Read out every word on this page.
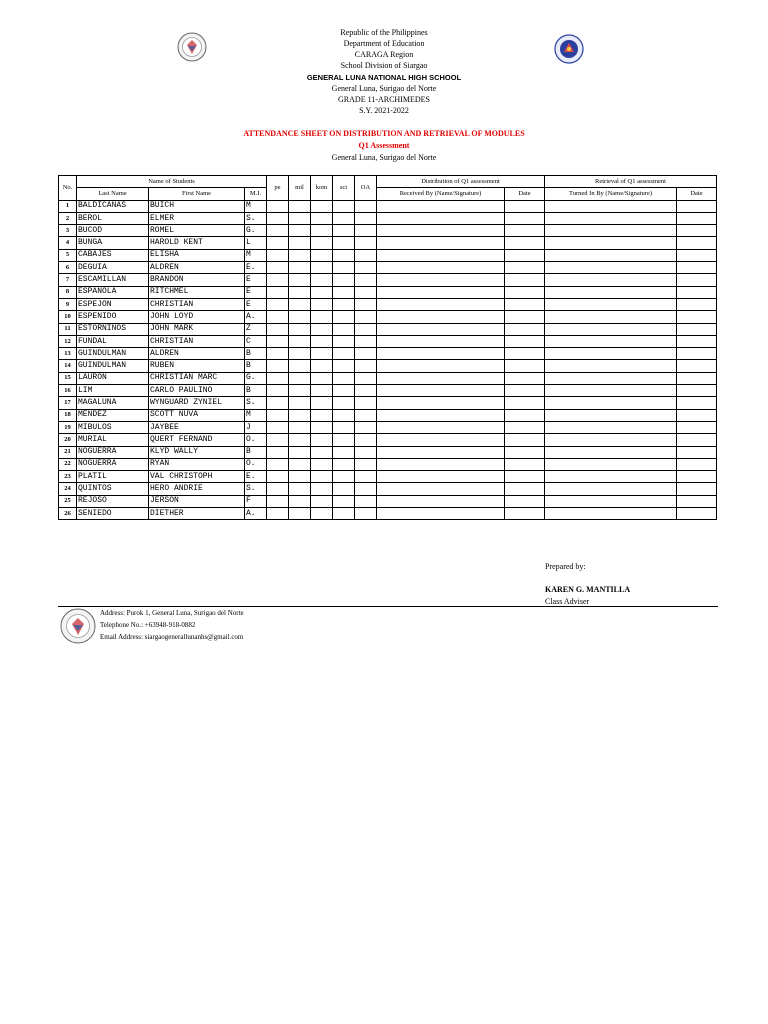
Republic of the Philippines
Department of Education
CARAGA Region
School Division of Siargao
GENERAL LUNA NATIONAL HIGH SCHOOL
General Luna, Surigao del Norte
GRADE 11-ARCHIMEDES
S.Y. 2021-2022
ATTENDANCE SHEET ON DISTRIBUTION AND RETRIEVAL OF MODULES
Q1 Assessment
General Luna, Surigao del Norte
No.	Name of Students			pe	mil	kom	sci	OA	Distribution of Q1 assessment		Retrieval of Q1 assessment	
	Last Name	First Name	M.I.						Received By (Name/Signature)	Date	Turned In By (Name/Signature)	Date
1	BALDICANAS	BUICH	M									
2	BEROL	ELMER	S.									
3	BUCOD	ROMEL	G.									
4	BUNGA	HAROLD KENT	L									
5	CABAJES	ELISHA	M									
6	DEGUIA	ALDREN	E.									
7	ESCAMILLAN	BRANDON	E									
8	ESPANOLA	RITCHMEL	E									
9	ESPEJON	CHRISTIAN	E									
10	ESPENIDO	JOHN LOYD	A.									
11	ESTORNINOS	JOHN MARK	Z									
12	FUNDAL	CHRISTIAN	C									
13	GUINDULMAN	ALDREN	B									
14	GUINDULMAN	RUBEN	B									
15	LAURON	CHRISTIAN MARC	G.									
16	LIM	CARLO PAULINO	B									
17	MAGALUNA	WYNGUARD ZYNIEL	S.									
18	MENDEZ	SCOTT NUVA	M									
19	MIBULOS	JAYBEE	J									
20	MURIAL	QUERT FERNAND	O.									
21	NOGUERRA	KLYD WALLY	B									
22	NOGUERRA	RYAN	O.									
23	PLATIL	VAL CHRISTOPH	E.									
24	QUINTOS	HERO ANDRIE	S.									
25	REJOSO	JERSON	F									
26	SENIEDO	DIETHER	A.									
Prepared by:
KAREN G. MANTILLA
Class Adviser
Address: Purok 1, General Luna, Surigao del Norte
Telephone No.: +63948-918-0882
Email Address: siargaogenerallunanhs@gmail.com
